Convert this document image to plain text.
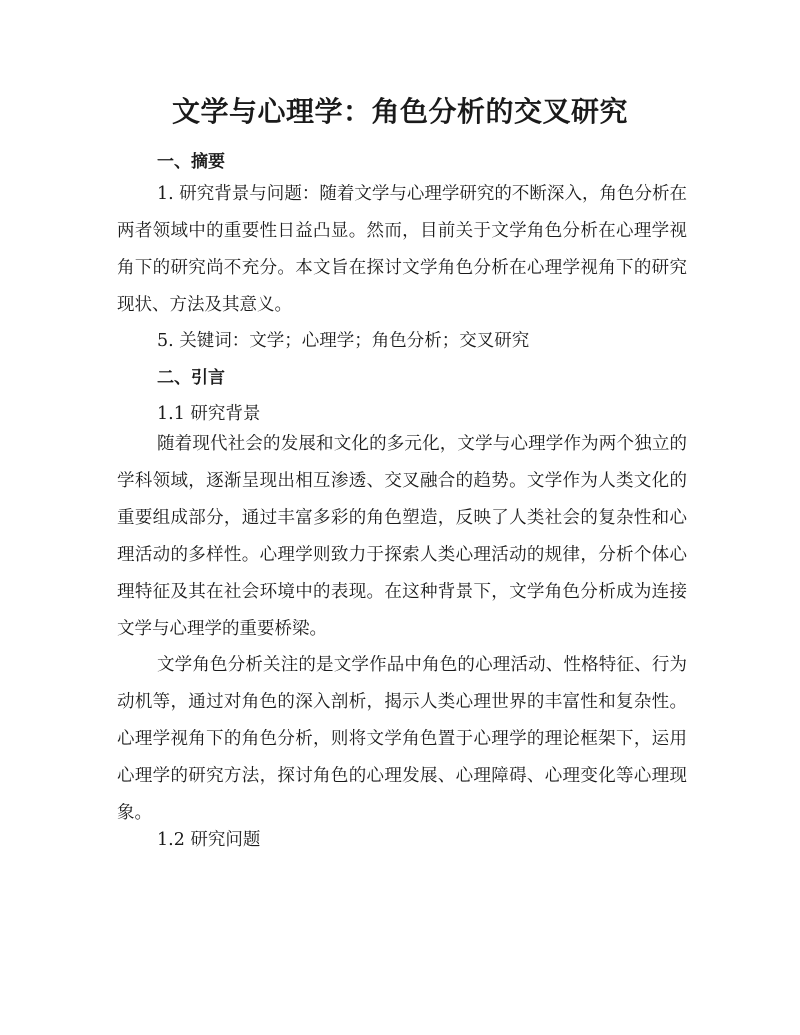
文学与心理学：角色分析的交叉研究
一、摘要
1. 研究背景与问题：随着文学与心理学研究的不断深入，角色分析在两者领域中的重要性日益凸显。然而，目前关于文学角色分析在心理学视角下的研究尚不充分。本文旨在探讨文学角色分析在心理学视角下的研究现状、方法及其意义。
5. 关键词：文学；心理学；角色分析；交叉研究
二、引言
1.1 研究背景
随着现代社会的发展和文化的多元化，文学与心理学作为两个独立的学科领域，逐渐呈现出相互渗透、交叉融合的趋势。文学作为人类文化的重要组成部分，通过丰富多彩的角色塑造，反映了人类社会的复杂性和心理活动的多样性。心理学则致力于探索人类心理活动的规律，分析个体心理特征及其在社会环境中的表现。在这种背景下，文学角色分析成为连接文学与心理学的重要桥梁。
文学角色分析关注的是文学作品中角色的心理活动、性格特征、行为动机等，通过对角色的深入剖析，揭示人类心理世界的丰富性和复杂性。心理学视角下的角色分析，则将文学角色置于心理学的理论框架下，运用心理学的研究方法，探讨角色的心理发展、心理障碍、心理变化等心理现象。
1.2 研究问题
